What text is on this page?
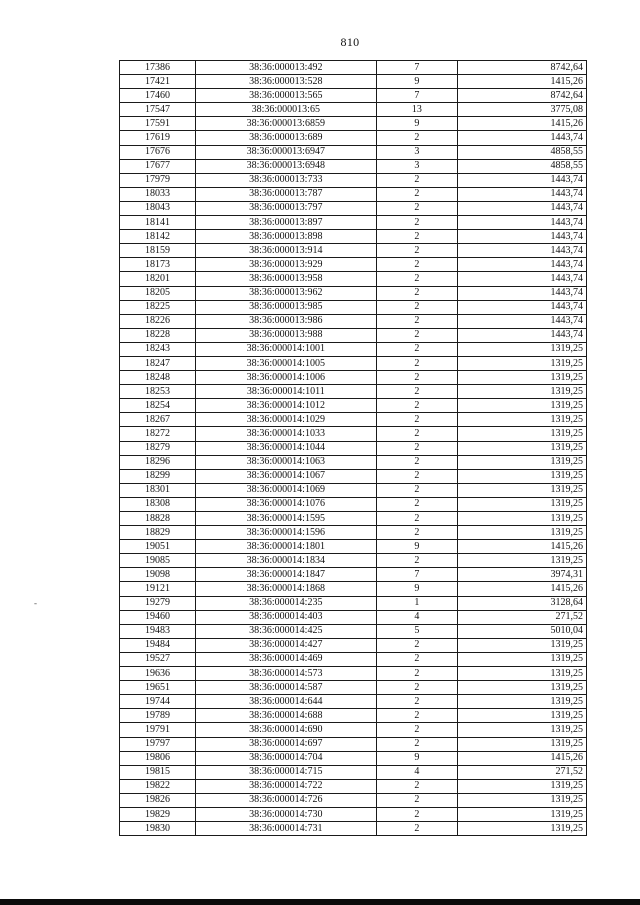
810
-
17386	38:36:000013:492	7	8742,64
17421	38:36:000013:528	9	1415,26
17460	38:36:000013:565	7	8742,64
17547	38:36:000013:65	13	3775,08
17591	38:36:000013:6859	9	1415,26
17619	38:36:000013:689	2	1443,74
17676	38:36:000013:6947	3	4858,55
17677	38:36:000013:6948	3	4858,55
17979	38:36:000013:733	2	1443,74
18033	38:36:000013:787	2	1443,74
18043	38:36:000013:797	2	1443,74
18141	38:36:000013:897	2	1443,74
18142	38:36:000013:898	2	1443,74
18159	38:36:000013:914	2	1443,74
18173	38:36:000013:929	2	1443,74
18201	38:36:000013:958	2	1443,74
18205	38:36:000013:962	2	1443,74
18225	38:36:000013:985	2	1443,74
18226	38:36:000013:986	2	1443,74
18228	38:36:000013:988	2	1443,74
18243	38:36:000014:1001	2	1319,25
18247	38:36:000014:1005	2	1319,25
18248	38:36:000014:1006	2	1319,25
18253	38:36:000014:1011	2	1319,25
18254	38:36:000014:1012	2	1319,25
18267	38:36:000014:1029	2	1319,25
18272	38:36:000014:1033	2	1319,25
18279	38:36:000014:1044	2	1319,25
18296	38:36:000014:1063	2	1319,25
18299	38:36:000014:1067	2	1319,25
18301	38:36:000014:1069	2	1319,25
18308	38:36:000014:1076	2	1319,25
18828	38:36:000014:1595	2	1319,25
18829	38:36:000014:1596	2	1319,25
19051	38:36:000014:1801	9	1415,26
19085	38:36:000014:1834	2	1319,25
19098	38:36:000014:1847	7	3974,31
19121	38:36:000014:1868	9	1415,26
19279	38:36:000014:235	1	3128,64
19460	38:36:000014:403	4	271,52
19483	38:36:000014:425	5	5010,04
19484	38:36:000014:427	2	1319,25
19527	38:36:000014:469	2	1319,25
19636	38:36:000014:573	2	1319,25
19651	38:36:000014:587	2	1319,25
19744	38:36:000014:644	2	1319,25
19789	38:36:000014:688	2	1319,25
19791	38:36:000014:690	2	1319,25
19797	38:36:000014:697	2	1319,25
19806	38:36:000014:704	9	1415,26
19815	38:36:000014:715	4	271,52
19822	38:36:000014:722	2	1319,25
19826	38:36:000014:726	2	1319,25
19829	38:36:000014:730	2	1319,25
19830	38:36:000014:731	2	1319,25
